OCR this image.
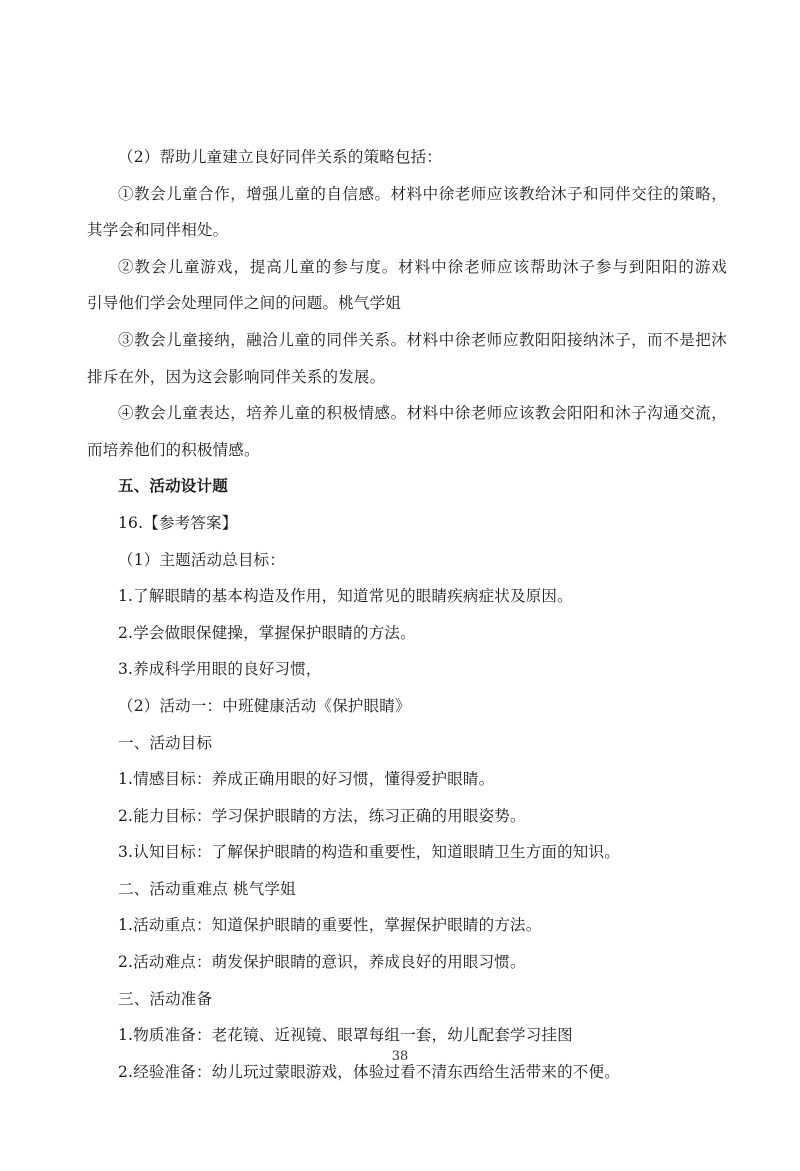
（2）帮助儿童建立良好同伴关系的策略包括：
①教会儿童合作，增强儿童的自信感。材料中徐老师应该教给沐子和同伴交往的策略，
其学会和同伴相处。
②教会儿童游戏，提高儿童的参与度。材料中徐老师应该帮助沐子参与到阳阳的游戏
引导他们学会处理同伴之间的问题。桃气学姐
③教会儿童接纳，融洽儿童的同伴关系。材料中徐老师应教阳阳接纳沐子，而不是把沐
排斥在外，因为这会影响同伴关系的发展。
④教会儿童表达，培养儿童的积极情感。材料中徐老师应该教会阳阳和沐子沟通交流，
而培养他们的积极情感。
五、活动设计题
16.【参考答案】
（1）主题活动总目标：
1.了解眼睛的基本构造及作用，知道常见的眼睛疾病症状及原因。
2.学会做眼保健操，掌握保护眼睛的方法。
3.养成科学用眼的良好习惯，
（2）活动一：中班健康活动《保护眼睛》
一、活动目标
1.情感目标：养成正确用眼的好习惯，懂得爱护眼睛。
2.能力目标：学习保护眼睛的方法，练习正确的用眼姿势。
3.认知目标：了解保护眼睛的构造和重要性，知道眼睛卫生方面的知识。
二、活动重难点 桃气学姐
1.活动重点：知道保护眼睛的重要性，掌握保护眼睛的方法。
2.活动难点：萌发保护眼睛的意识，养成良好的用眼习惯。
三、活动准备
1.物质准备：老花镜、近视镜、眼罩每组一套，幼儿配套学习挂图
2.经验准备：幼儿玩过蒙眼游戏，体验过看不清东西给生活带来的不便。
38
